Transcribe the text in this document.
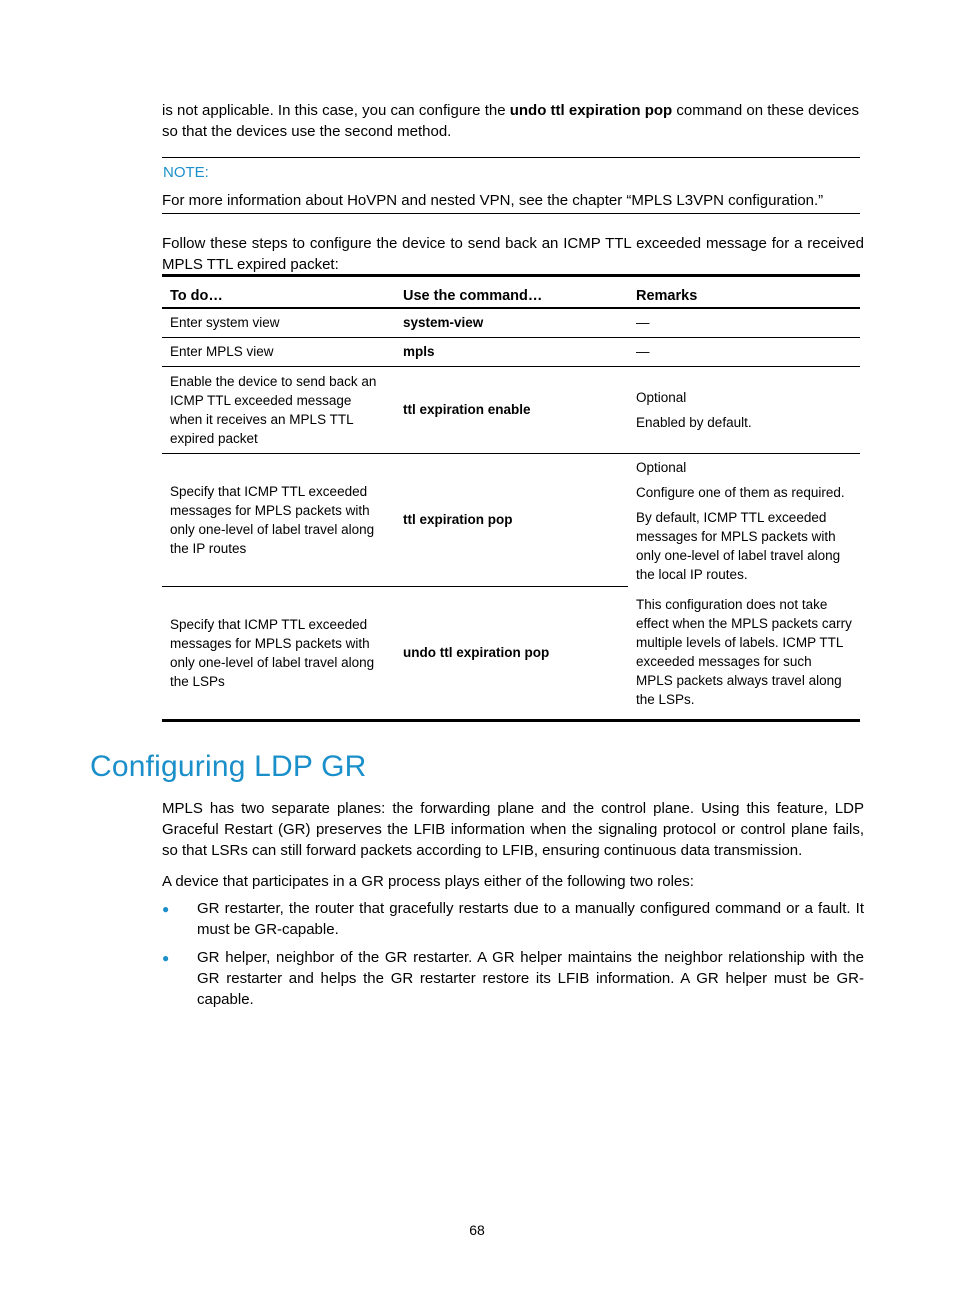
is not applicable. In this case, you can configure the undo ttl expiration pop command on these devices

so that the devices use the second method.

NOTE:

For more information about HoVPN and nested VPN, see the chapter “MPLS L3VPN configuration.”

Follow these steps to configure the device to send back an ICMP TTL exceeded message for a received MPLS TTL expired packet:

To do…	Use the command…	Remarks
Enter system view	system-view	—

Enter MPLS view	mpls	—

Enable the device to send back an ICMP TTL exceeded message when it receives an MPLS TTL expired packet	ttl expiration enable	Optional
Enabled by default.

Specify that ICMP TTL exceeded messages for MPLS packets with only one-level of label travel along the IP routes	ttl expiration pop	Optional
Configure one of them as required.
By default, ICMP TTL exceeded messages for MPLS packets with only one-level of label travel along the local IP routes.

Specify that ICMP TTL exceeded messages for MPLS packets with only one-level of label travel along the LSPs	undo ttl expiration pop	This configuration does not take effect when the MPLS packets carry multiple levels of labels. ICMP TTL exceeded messages for such MPLS packets always travel along the LSPs.
Configuring LDP GR

MPLS has two separate planes: the forwarding plane and the control plane. Using this feature, LDP Graceful Restart (GR) preserves the LFIB information when the signaling protocol or control plane fails, so that LSRs can still forward packets according to LFIB, ensuring continuous data transmission.

A device that participates in a GR process plays either of the following two roles:

● GR restarter, the router that gracefully restarts due to a manually configured command or a fault. It must be GR-capable.

● GR helper, neighbor of the GR restarter. A GR helper maintains the neighbor relationship with the GR restarter and helps the GR restarter restore its LFIB information. A GR helper must be GR-capable.

68
